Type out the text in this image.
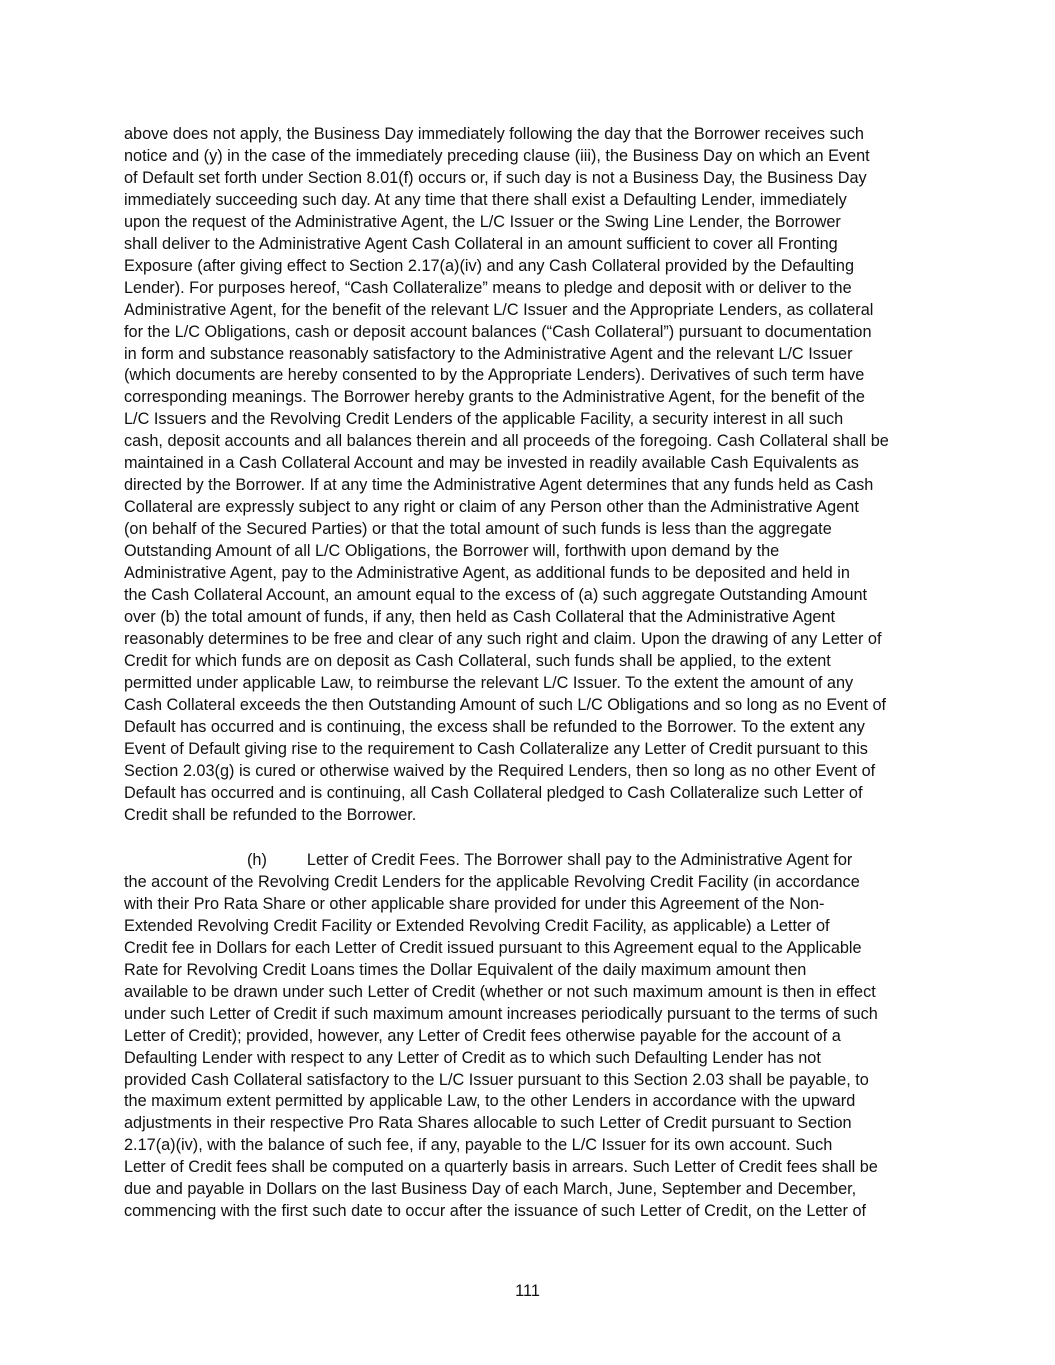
above does not apply, the Business Day immediately following the day that the Borrower receives such
notice and (y) in the case of the immediately preceding clause (iii), the Business Day on which an Event
of Default set forth under Section 8.01(f) occurs or, if such day is not a Business Day, the Business Day
immediately succeeding such day. At any time that there shall exist a Defaulting Lender, immediately
upon the request of the Administrative Agent, the L/C Issuer or the Swing Line Lender, the Borrower
shall deliver to the Administrative Agent Cash Collateral in an amount sufficient to cover all Fronting
Exposure (after giving effect to Section 2.17(a)(iv) and any Cash Collateral provided by the Defaulting
Lender). For purposes hereof, “Cash Collateralize” means to pledge and deposit with or deliver to the
Administrative Agent, for the benefit of the relevant L/C Issuer and the Appropriate Lenders, as collateral
for the L/C Obligations, cash or deposit account balances (“Cash Collateral”) pursuant to documentation
in form and substance reasonably satisfactory to the Administrative Agent and the relevant L/C Issuer
(which documents are hereby consented to by the Appropriate Lenders). Derivatives of such term have
corresponding meanings. The Borrower hereby grants to the Administrative Agent, for the benefit of the
L/C Issuers and the Revolving Credit Lenders of the applicable Facility, a security interest in all such
cash, deposit accounts and all balances therein and all proceeds of the foregoing. Cash Collateral shall be
maintained in a Cash Collateral Account and may be invested in readily available Cash Equivalents as
directed by the Borrower. If at any time the Administrative Agent determines that any funds held as Cash
Collateral are expressly subject to any right or claim of any Person other than the Administrative Agent
(on behalf of the Secured Parties) or that the total amount of such funds is less than the aggregate
Outstanding Amount of all L/C Obligations, the Borrower will, forthwith upon demand by the
Administrative Agent, pay to the Administrative Agent, as additional funds to be deposited and held in
the Cash Collateral Account, an amount equal to the excess of (a) such aggregate Outstanding Amount
over (b) the total amount of funds, if any, then held as Cash Collateral that the Administrative Agent
reasonably determines to be free and clear of any such right and claim. Upon the drawing of any Letter of
Credit for which funds are on deposit as Cash Collateral, such funds shall be applied, to the extent
permitted under applicable Law, to reimburse the relevant L/C Issuer. To the extent the amount of any
Cash Collateral exceeds the then Outstanding Amount of such L/C Obligations and so long as no Event of
Default has occurred and is continuing, the excess shall be refunded to the Borrower. To the extent any
Event of Default giving rise to the requirement to Cash Collateralize any Letter of Credit pursuant to this
Section 2.03(g) is cured or otherwise waived by the Required Lenders, then so long as no other Event of
Default has occurred and is continuing, all Cash Collateral pledged to Cash Collateralize such Letter of
Credit shall be refunded to the Borrower.
(h) Letter of Credit Fees. The Borrower shall pay to the Administrative Agent for
the account of the Revolving Credit Lenders for the applicable Revolving Credit Facility (in accordance
with their Pro Rata Share or other applicable share provided for under this Agreement of the Non-
Extended Revolving Credit Facility or Extended Revolving Credit Facility, as applicable) a Letter of
Credit fee in Dollars for each Letter of Credit issued pursuant to this Agreement equal to the Applicable
Rate for Revolving Credit Loans times the Dollar Equivalent of the daily maximum amount then
available to be drawn under such Letter of Credit (whether or not such maximum amount is then in effect
under such Letter of Credit if such maximum amount increases periodically pursuant to the terms of such
Letter of Credit); provided, however, any Letter of Credit fees otherwise payable for the account of a
Defaulting Lender with respect to any Letter of Credit as to which such Defaulting Lender has not
provided Cash Collateral satisfactory to the L/C Issuer pursuant to this Section 2.03 shall be payable, to
the maximum extent permitted by applicable Law, to the other Lenders in accordance with the upward
adjustments in their respective Pro Rata Shares allocable to such Letter of Credit pursuant to Section
2.17(a)(iv), with the balance of such fee, if any, payable to the L/C Issuer for its own account. Such
Letter of Credit fees shall be computed on a quarterly basis in arrears. Such Letter of Credit fees shall be
due and payable in Dollars on the last Business Day of each March, June, September and December,
commencing with the first such date to occur after the issuance of such Letter of Credit, on the Letter of
111
